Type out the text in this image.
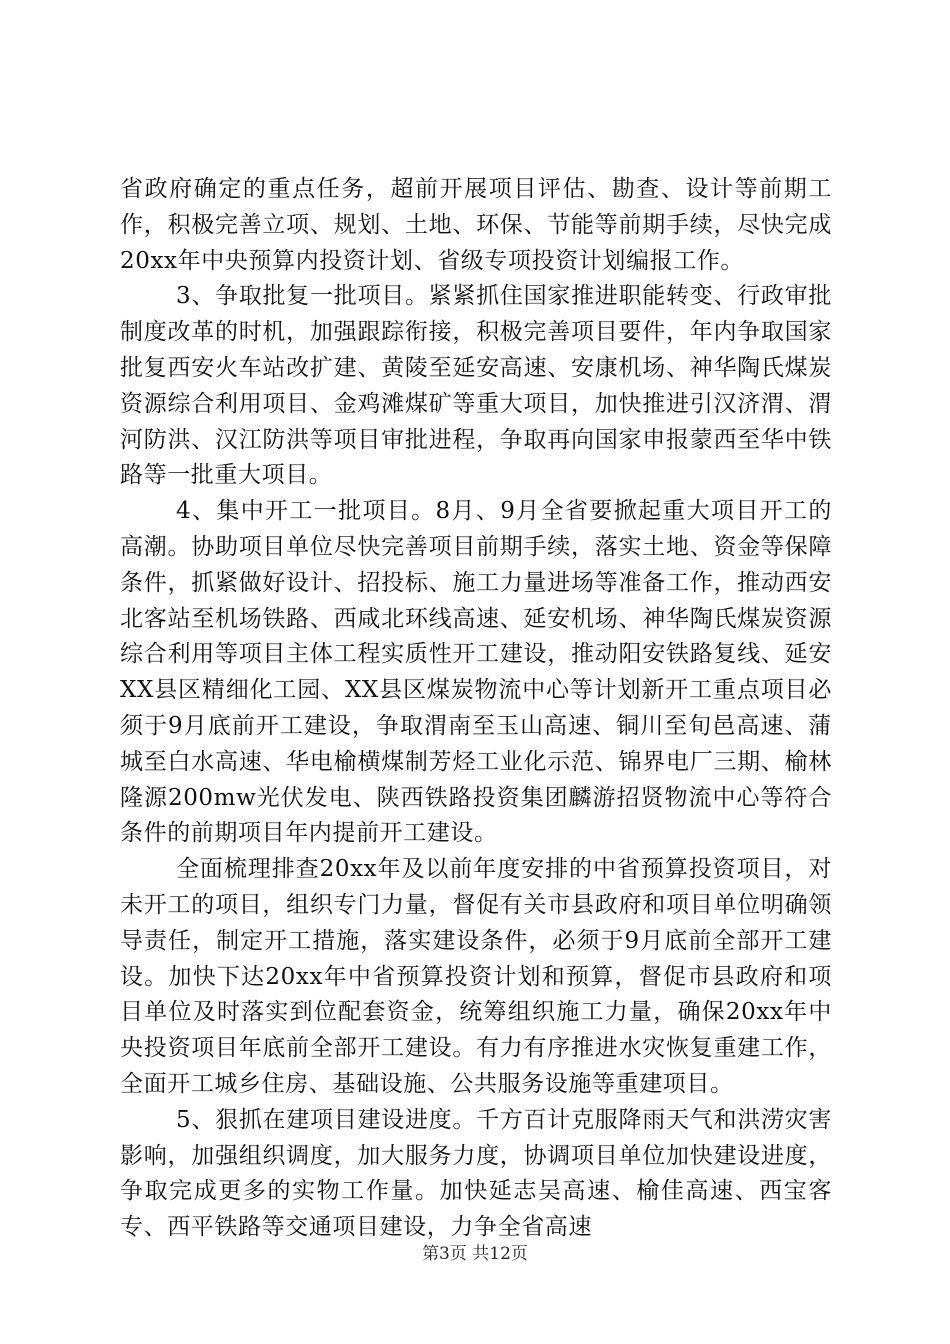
省政府确定的重点任务，超前开展项目评估、勘查、设计等前期工作，积极完善立项、规划、土地、环保、节能等前期手续，尽快完成20xx年中央预算内投资计划、省级专项投资计划编报工作。

3、争取批复一批项目。紧紧抓住国家推进职能转变、行政审批制度改革的时机，加强跟踪衔接，积极完善项目要件，年内争取国家批复西安火车站改扩建、黄陵至延安高速、安康机场、神华陶氏煤炭资源综合利用项目、金鸡滩煤矿等重大项目，加快推进引汉济渭、渭河防洪、汉江防洪等项目审批进程，争取再向国家申报蒙西至华中铁路等一批重大项目。

4、集中开工一批项目。8月、9月全省要掀起重大项目开工的高潮。协助项目单位尽快完善项目前期手续，落实土地、资金等保障条件，抓紧做好设计、招投标、施工力量进场等准备工作，推动西安北客站至机场铁路、西咸北环线高速、延安机场、神华陶氏煤炭资源综合利用等项目主体工程实质性开工建设，推动阳安铁路复线、延安XX县区精细化工园、XX县区煤炭物流中心等计划新开工重点项目必须于9月底前开工建设，争取渭南至玉山高速、铜川至旬邑高速、蒲城至白水高速、华电榆横煤制芳烃工业化示范、锦界电厂三期、榆林隆源200mw光伏发电、陕西铁路投资集团麟游招贤物流中心等符合条件的前期项目年内提前开工建设。

全面梳理排查20xx年及以前年度安排的中省预算投资项目，对未开工的项目，组织专门力量，督促有关市县政府和项目单位明确领导责任，制定开工措施，落实建设条件，必须于9月底前全部开工建设。加快下达20xx年中省预算投资计划和预算，督促市县政府和项目单位及时落实到位配套资金，统筹组织施工力量，确保20xx年中央投资项目年底前全部开工建设。有力有序推进水灾恢复重建工作，全面开工城乡住房、基础设施、公共服务设施等重建项目。

5、狠抓在建项目建设进度。千方百计克服降雨天气和洪涝灾害影响，加强组织调度，加大服务力度，协调项目单位加快建设进度，争取完成更多的实物工作量。加快延志吴高速、榆佳高速、西宝客专、西平铁路等交通项目建设，力争全省高速

第3页 共12页
